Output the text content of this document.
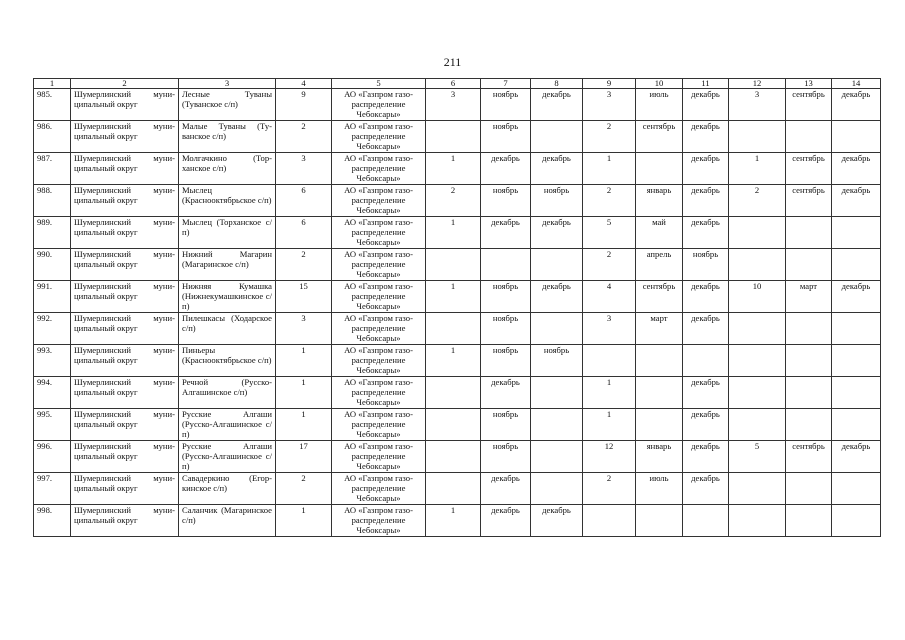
211
1	2	3	4	5	6	7	8	9	10	11	12	13	14
985.	Шумерлинский муниципальный округ	Лесные Туваны (Туванское с/п)	9	АО «Газпром газораспределение Чебоксары»	3	ноябрь	декабрь	3	июль	декабрь	3	сентябрь	декабрь
986.	Шумерлинский муниципальный округ	Малые Туваны (Туванское с/п)	2	АО «Газпром газораспределение Чебоксары»		ноябрь		2	сентябрь	декабрь			
987.	Шумерлинский муниципальный округ	Молгачкино (Торханское с/п)	3	АО «Газпром газораспределение Чебоксары»	1	декабрь	декабрь	1		декабрь	1	сентябрь	декабрь
988.	Шумерлинский муниципальный округ	Мыслец (Краснооктябрьское с/п)	6	АО «Газпром газораспределение Чебоксары»	2	ноябрь	ноябрь	2	январь	декабрь	2	сентябрь	декабрь
989.	Шумерлинский муниципальный округ	Мыслец (Торханское с/п)	6	АО «Газпром газораспределение Чебоксары»	1	декабрь	декабрь	5	май	декабрь			
990.	Шумерлинский муниципальный округ	Нижний Магарин (Магаринское с/п)	2	АО «Газпром газораспределение Чебоксары»				2	апрель	ноябрь			
991.	Шумерлинский муниципальный округ	Нижняя Кумашка (Нижнекумашкинское с/п)	15	АО «Газпром газораспределение Чебоксары»	1	ноябрь	декабрь	4	сентябрь	декабрь	10	март	декабрь
992.	Шумерлинский муниципальный округ	Пилешкасы (Ходарское с/п)	3	АО «Газпром газораспределение Чебоксары»		ноябрь		3	март	декабрь			
993.	Шумерлинский муниципальный округ	Пиньеры (Краснооктябрьское с/п)	1	АО «Газпром газораспределение Чебоксары»	1	ноябрь	ноябрь						
994.	Шумерлинский муниципальный округ	Речной (Русско-Алгашинское с/п)	1	АО «Газпром газораспределение Чебоксары»		декабрь		1		декабрь			
995.	Шумерлинский муниципальный округ	Русские Алгаши (Русско-Алгашинское с/п)	1	АО «Газпром газораспределение Чебоксары»		ноябрь		1		декабрь			
996.	Шумерлинский муниципальный округ	Русские Алгаши (Русско-Алгашинское с/п)	17	АО «Газпром газораспределение Чебоксары»		ноябрь		12	январь	декабрь	5	сентябрь	декабрь
997.	Шумерлинский муниципальный округ	Савадеркино (Егоркинское с/п)	2	АО «Газпром газораспределение Чебоксары»		декабрь		2	июль	декабрь			
998.	Шумерлинский муниципальный округ	Саланчик (Магаринское с/п)	1	АО «Газпром газораспределение Чебоксары»	1	декабрь	декабрь						
